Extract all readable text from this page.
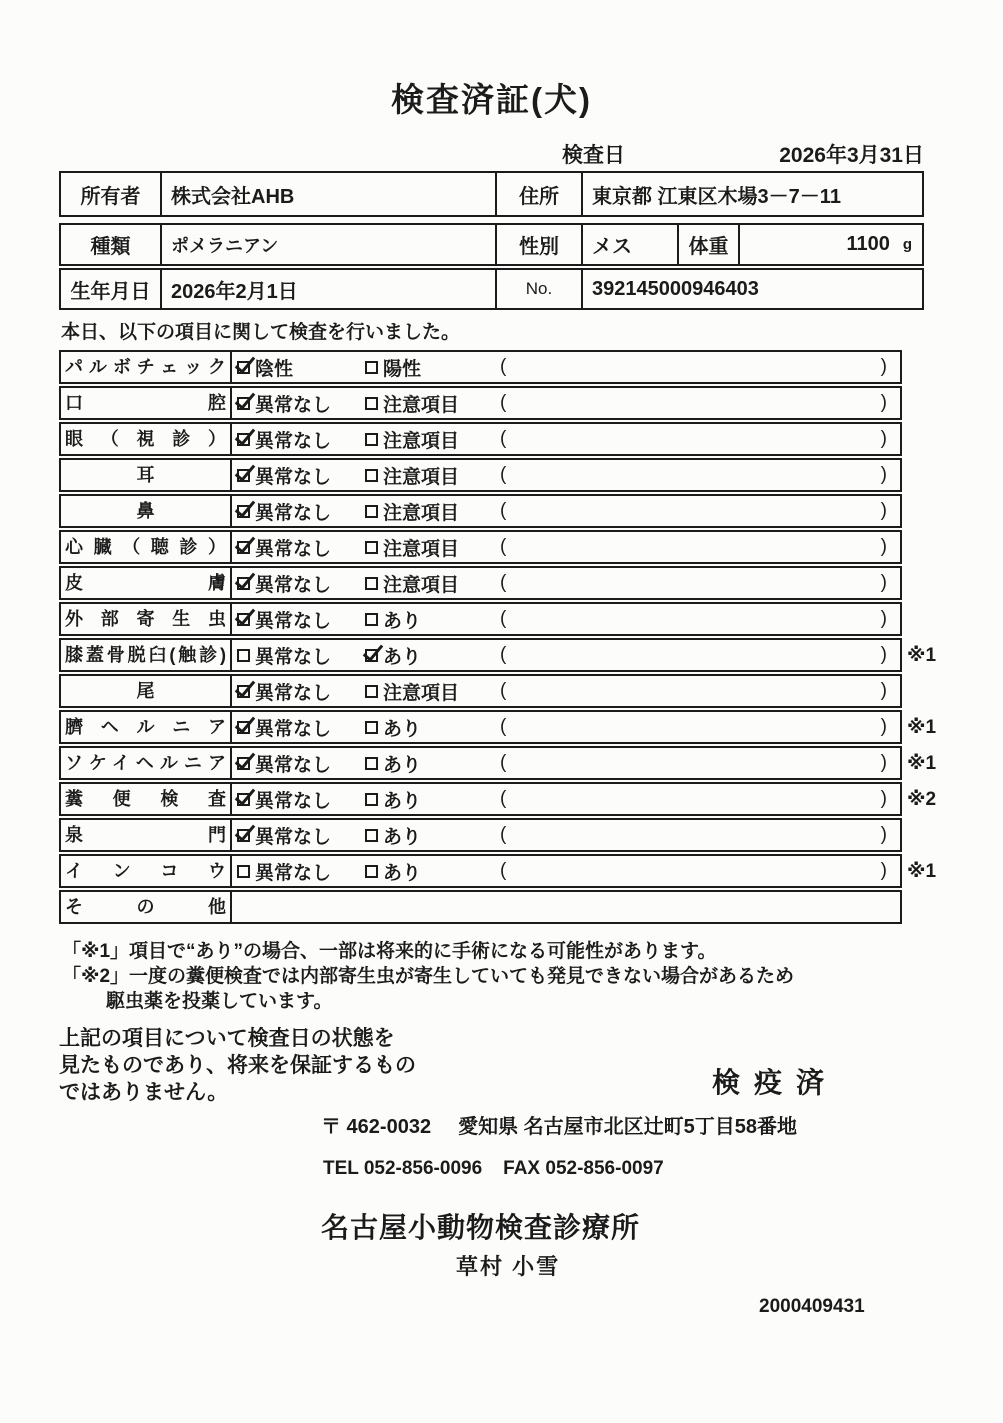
検査済証(犬)
検査日	2026年3月31日
所有者	株式会社AHB	住所	東京都 江東区木場3－7－11
種類	ポメラニアン	性別	メス	体重	1100 g
生年月日	2026年2月1日	No.	392145000946403

本日、以下の項目に関して検査を行いました。

パルボチェック	陰性	陽性	(	)
口腔	異常なし	注意項目 (	)
眼（視診）	異常なし	注意項目 (	)
耳	異常なし	注意項目 (	)
鼻	異常なし	注意項目 (	)
心臓（聴診）	異常なし	注意項目 (	)
皮膚	異常なし	注意項目 (	)
外部寄生虫	異常なし	あり	(	)
膝蓋骨脱臼(触診)	異常なし	あり	(	) ※1
尾	異常なし	注意項目 (	)
臍ヘルニア	異常なし	あり	(	) ※1
ソケイヘルニア	異常なし	あり	(	) ※1
糞便検査	異常なし	あり	(	) ※2
泉門	異常なし	あり	(	)
インコウ	異常なし	あり	(	) ※1
その他

「※1」項目で“あり”の場合、一部は将来的に手術になる可能性があります。

「※2」一度の糞便検査では内部寄生虫が寄生していても発見できない場合があるため

駆虫薬を投薬しています。

上記の項目について検査日の状態を
見たものであり、将来を保証するもの
ではありません。	検疫済
〒 462-0032 愛知県 名古屋市北区辻町5丁目58番地
TEL 052-856-0096 FAX 052-856-0097
名古屋小動物検査診療所
草村 小雪
2000409431
